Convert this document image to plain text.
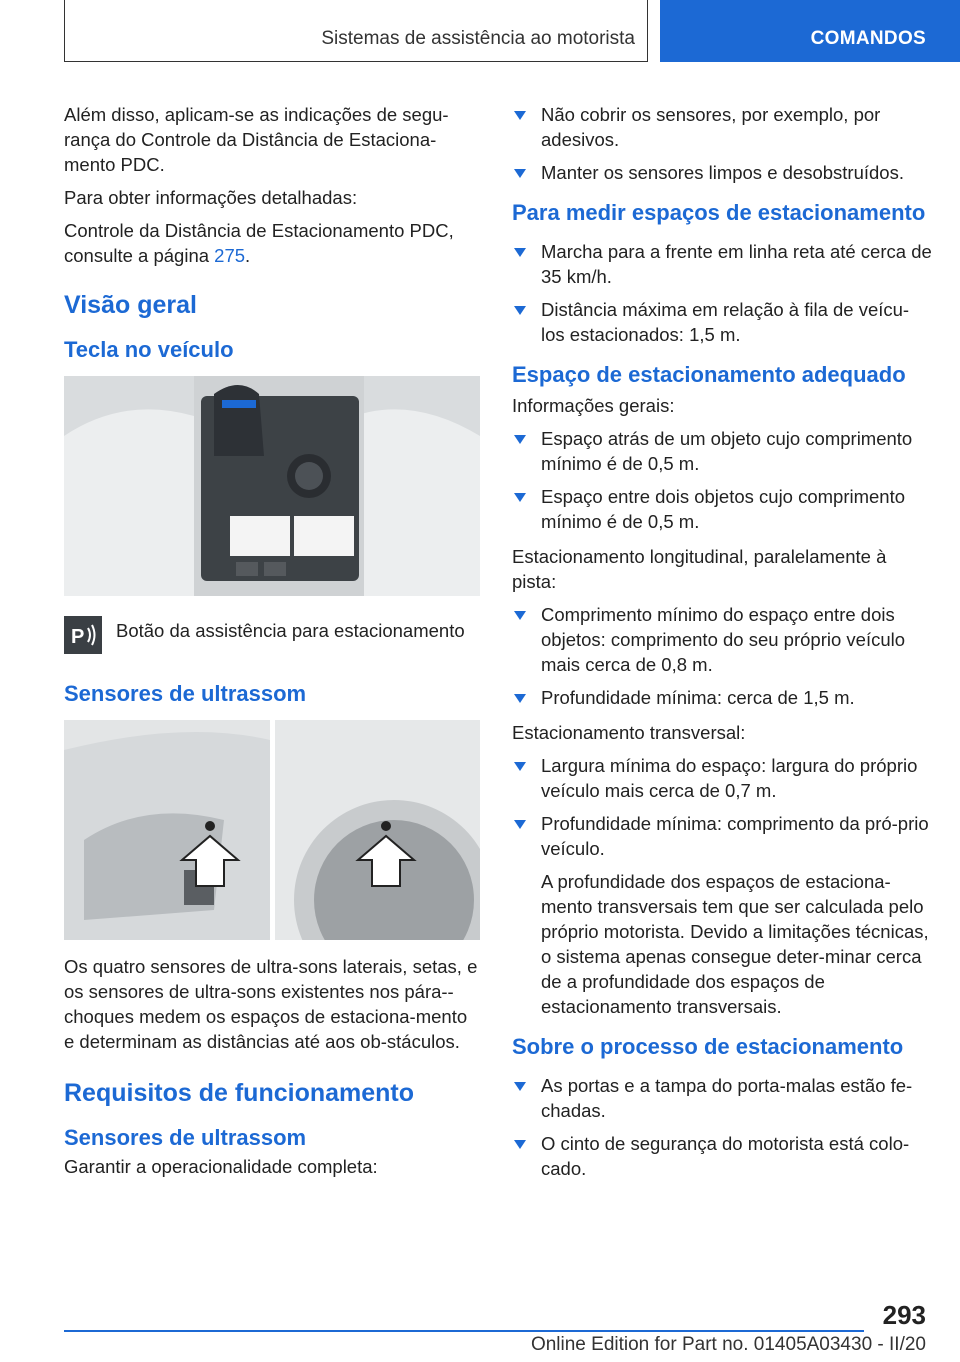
Sistemas de assistência ao motorista	COMANDOS

Além disso, aplicam-se as indicações de segu-rança do Controle da Distância de Estaciona-mento PDC.

Para obter informações detalhadas:

Controle da Distância de Estacionamento PDC, consulte a página 275.

Visão geral
Tecla no veículo
P Botão da assistência para estacionamento
Sensores de ultrassom

Os quatro sensores de ultra-sons laterais, setas, e os sensores de ultra-sons existentes nos pára--choques medem os espaços de estaciona-mento e determinam as distâncias até aos ob-stáculos.

Requisitos de funcionamento
Sensores de ultrassom

Garantir a operacionalidade completa:

Não cobrir os sensores, por exemplo, por adesivos.
Manter os sensores limpos e desobstruídos.
Para medir espaços de estacionamento
Marcha para a frente em linha reta até cerca de 35 km/h.
Distância máxima em relação à fila de veícu-los estacionados: 1,5 m.
Espaço de estacionamento adequado

Informações gerais:

Espaço atrás de um objeto cujo comprimento mínimo é de 0,5 m.
Espaço entre dois objetos cujo comprimento mínimo é de 0,5 m.

Estacionamento longitudinal, paralelamente à pista:

Comprimento mínimo do espaço entre dois objetos: comprimento do seu próprio veículo mais cerca de 0,8 m.
Profundidade mínima: cerca de 1,5 m.

Estacionamento transversal:

Largura mínima do espaço: largura do próprio veículo mais cerca de 0,7 m.
Profundidade mínima: comprimento da pró-prio veículo.
A profundidade dos espaços de estaciona-mento transversais tem que ser calculada pelo próprio motorista. Devido a limitações técnicas, o sistema apenas consegue deter-minar cerca de a profundidade dos espaços de estacionamento transversais.
Sobre o processo de estacionamento
As portas e a tampa do porta-malas estão fe-chadas.
O cinto de segurança do motorista está colo-cado.
293
Online Edition for Part no. 01405A03430 - II/20
